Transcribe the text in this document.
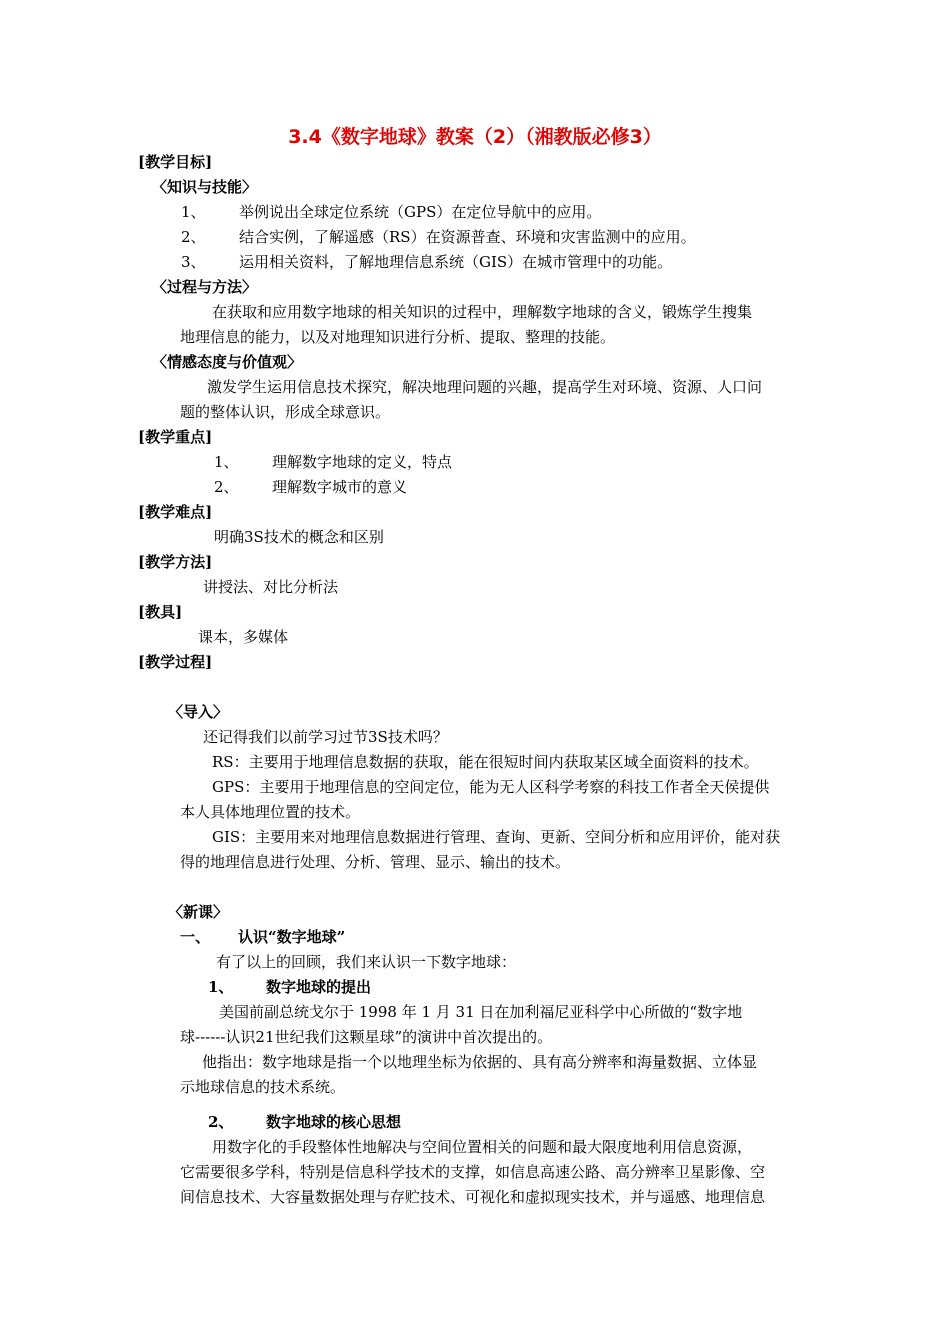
3.4《数字地球》教案（2）（湘教版必修3）
[教学目标]
〈知识与技能〉
1、 举例说出全球定位系统（GPS）在定位导航中的应用。
2、 结合实例，了解遥感（RS）在资源普查、环境和灾害监测中的应用。
3、 运用相关资料，了解地理信息系统（GIS）在城市管理中的功能。
〈过程与方法〉
在获取和应用数字地球的相关知识的过程中，理解数字地球的含义，锻炼学生搜集
地理信息的能力，以及对地理知识进行分析、提取、整理的技能。
〈情感态度与价值观〉
激发学生运用信息技术探究，解决地理问题的兴趣，提高学生对环境、资源、人口问
题的整体认识，形成全球意识。
[教学重点]
1、 理解数字地球的定义，特点
2、 理解数字城市的意义
[教学难点]
明确3S技术的概念和区别
[教学方法]
讲授法、对比分析法
[教具]
课本，多媒体
[教学过程]
〈导入〉
还记得我们以前学习过节3S技术吗？
RS：主要用于地理信息数据的获取，能在很短时间内获取某区域全面资料的技术。
GPS：主要用于地理信息的空间定位，能为无人区科学考察的科技工作者全天侯提供
本人具体地理位置的技术。
GIS：主要用来对地理信息数据进行管理、查询、更新、空间分析和应用评价，能对获
得的地理信息进行处理、分析、管理、显示、输出的技术。
〈新课〉
一、 认识“数字地球”
有了以上的回顾，我们来认识一下数字地球：
1、 数字地球的提出
美国前副总统戈尔于 1998 年 1 月 31 日在加利福尼亚科学中心所做的“数字地
球------认识21世纪我们这颗星球”的演讲中首次提出的。
他指出：数字地球是指一个以地理坐标为依据的、具有高分辨率和海量数据、立体显
示地球信息的技术系统。
2、 数字地球的核心思想
用数字化的手段整体性地解决与空间位置相关的问题和最大限度地利用信息资源，
它需要很多学科，特别是信息科学技术的支撑，如信息高速公路、高分辨率卫星影像、空
间信息技术、大容量数据处理与存贮技术、可视化和虚拟现实技术，并与遥感、地理信息
